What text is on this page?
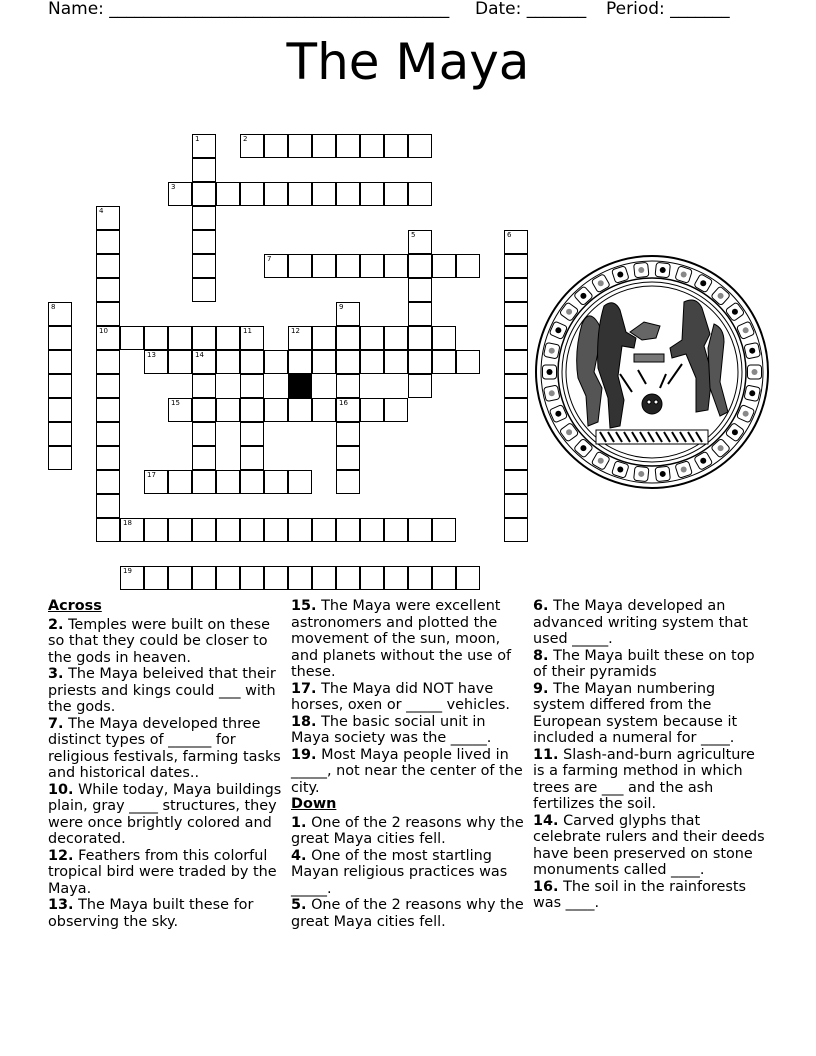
Name: ________________________________________ Date: _______ Period: _______
The Maya
1	2
3
4
10
5	6
7
8	9
11	12
13	14
15	16
17
18
19

Across

2. Temples were built on these so that they could be closer to the gods in heaven.

3. The Maya beleived that their priests and kings could ___ with the gods.

7. The Maya developed three distinct types of ______ for religious festivals, farming tasks and historical dates..

10. While today, Maya buildings plain, gray ____ structures, they were once brightly colored and decorated.

12. Feathers from this colorful tropical bird were traded by the Maya.

13. The Maya built these for observing the sky.

15. The Maya were excellent astronomers and plotted the movement of the sun, moon, and planets without the use of these.

17. The Maya did NOT have horses, oxen or _____ vehicles.

18. The basic social unit in Maya society was the _____.

19. Most Maya people lived in _____, not near the center of the city.

Down

1. One of the 2 reasons why the great Maya cities fell.

4. One of the most startling Mayan religious practices was _____.

5. One of the 2 reasons why the great Maya cities fell.

6. The Maya developed an advanced writing system that used _____.

8. The Maya built these on top of their pyramids

9. The Mayan numbering system differed from the European system because it included a numeral for ____.

11. Slash-and-burn agriculture is a farming method in which trees are ___ and the ash fertilizes the soil.

14. Carved glyphs that celebrate rulers and their deeds have been preserved on stone monuments called ____.

16. The soil in the rainforests was ____.
